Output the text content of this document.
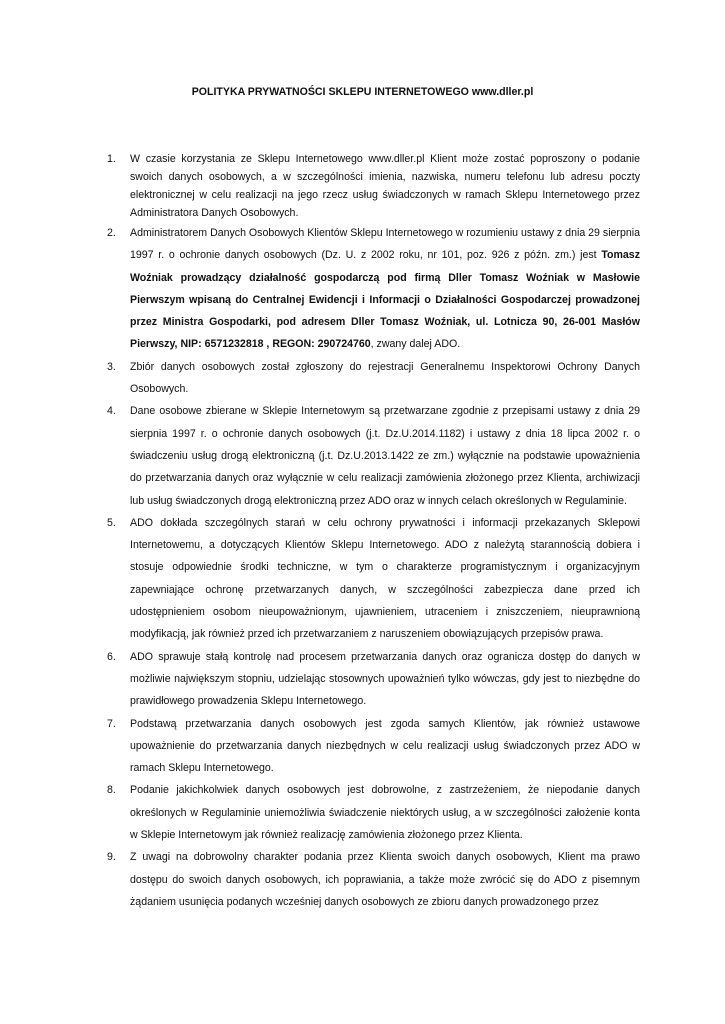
POLITYKA PRYWATNOŚCI SKLEPU INTERNETOWEGO www.dller.pl
1. W czasie korzystania ze Sklepu Internetowego www.dller.pl Klient może zostać poproszony o podanie swoich danych osobowych, a w szczególności imienia, nazwiska, numeru telefonu lub adresu poczty elektronicznej w celu realizacji na jego rzecz usług świadczonych w ramach Sklepu Internetowego przez Administratora Danych Osobowych.
2. Administratorem Danych Osobowych Klientów Sklepu Internetowego w rozumieniu ustawy z dnia 29 sierpnia 1997 r. o ochronie danych osobowych (Dz. U. z 2002 roku, nr 101, poz. 926 z późn. zm.) jest Tomasz Woźniak prowadzący działalność gospodarczą pod firmą Dller Tomasz Woźniak w Masłowie Pierwszym wpisaną do Centralnej Ewidencji i Informacji o Działalności Gospodarczej prowadzonej przez Ministra Gospodarki, pod adresem Dller Tomasz Woźniak, ul. Lotnicza 90, 26-001 Masłów Pierwszy, NIP: 6571232818 , REGON: 290724760, zwany dalej ADO.
3. Zbiór danych osobowych został zgłoszony do rejestracji Generalnemu Inspektorowi Ochrony Danych Osobowych.
4. Dane osobowe zbierane w Sklepie Internetowym są przetwarzane zgodnie z przepisami ustawy z dnia 29 sierpnia 1997 r. o ochronie danych osobowych (j.t. Dz.U.2014.1182) i ustawy z dnia 18 lipca 2002 r. o świadczeniu usług drogą elektroniczną (j.t. Dz.U.2013.1422 ze zm.) wyłącznie na podstawie upoważnienia do przetwarzania danych oraz wyłącznie w celu realizacji zamówienia złożonego przez Klienta, archiwizacji lub usług świadczonych drogą elektroniczną przez ADO oraz w innych celach określonych w Regulaminie.
5. ADO dokłada szczególnych starań w celu ochrony prywatności i informacji przekazanych Sklepowi Internetowemu, a dotyczących Klientów Sklepu Internetowego. ADO z należytą starannością dobiera i stosuje odpowiednie środki techniczne, w tym o charakterze programistycznym i organizacyjnym zapewniające ochronę przetwarzanych danych, w szczególności zabezpiecza dane przed ich udostępnieniem osobom nieupoważnionym, ujawnieniem, utraceniem i zniszczeniem, nieuprawnioną modyfikacją, jak również przed ich przetwarzaniem z naruszeniem obowiązujących przepisów prawa.
6. ADO sprawuje stałą kontrolę nad procesem przetwarzania danych oraz ogranicza dostęp do danych w możliwie największym stopniu, udzielając stosownych upoważnień tylko wówczas, gdy jest to niezbędne do prawidłowego prowadzenia Sklepu Internetowego.
7. Podstawą przetwarzania danych osobowych jest zgoda samych Klientów, jak również ustawowe upoważnienie do przetwarzania danych niezbędnych w celu realizacji usług świadczonych przez ADO w ramach Sklepu Internetowego.
8. Podanie jakichkolwiek danych osobowych jest dobrowolne, z zastrzeżeniem, że niepodanie danych określonych w Regulaminie uniemożliwia świadczenie niektórych usług, a w szczególności założenie konta w Sklepie Internetowym jak również realizację zamówienia złożonego przez Klienta.
9. Z uwagi na dobrowolny charakter podania przez Klienta swoich danych osobowych, Klient ma prawo dostępu do swoich danych osobowych, ich poprawiania, a także może zwrócić się do ADO z pisemnym żądaniem usunięcia podanych wcześniej danych osobowych ze zbioru danych prowadzonego przez
